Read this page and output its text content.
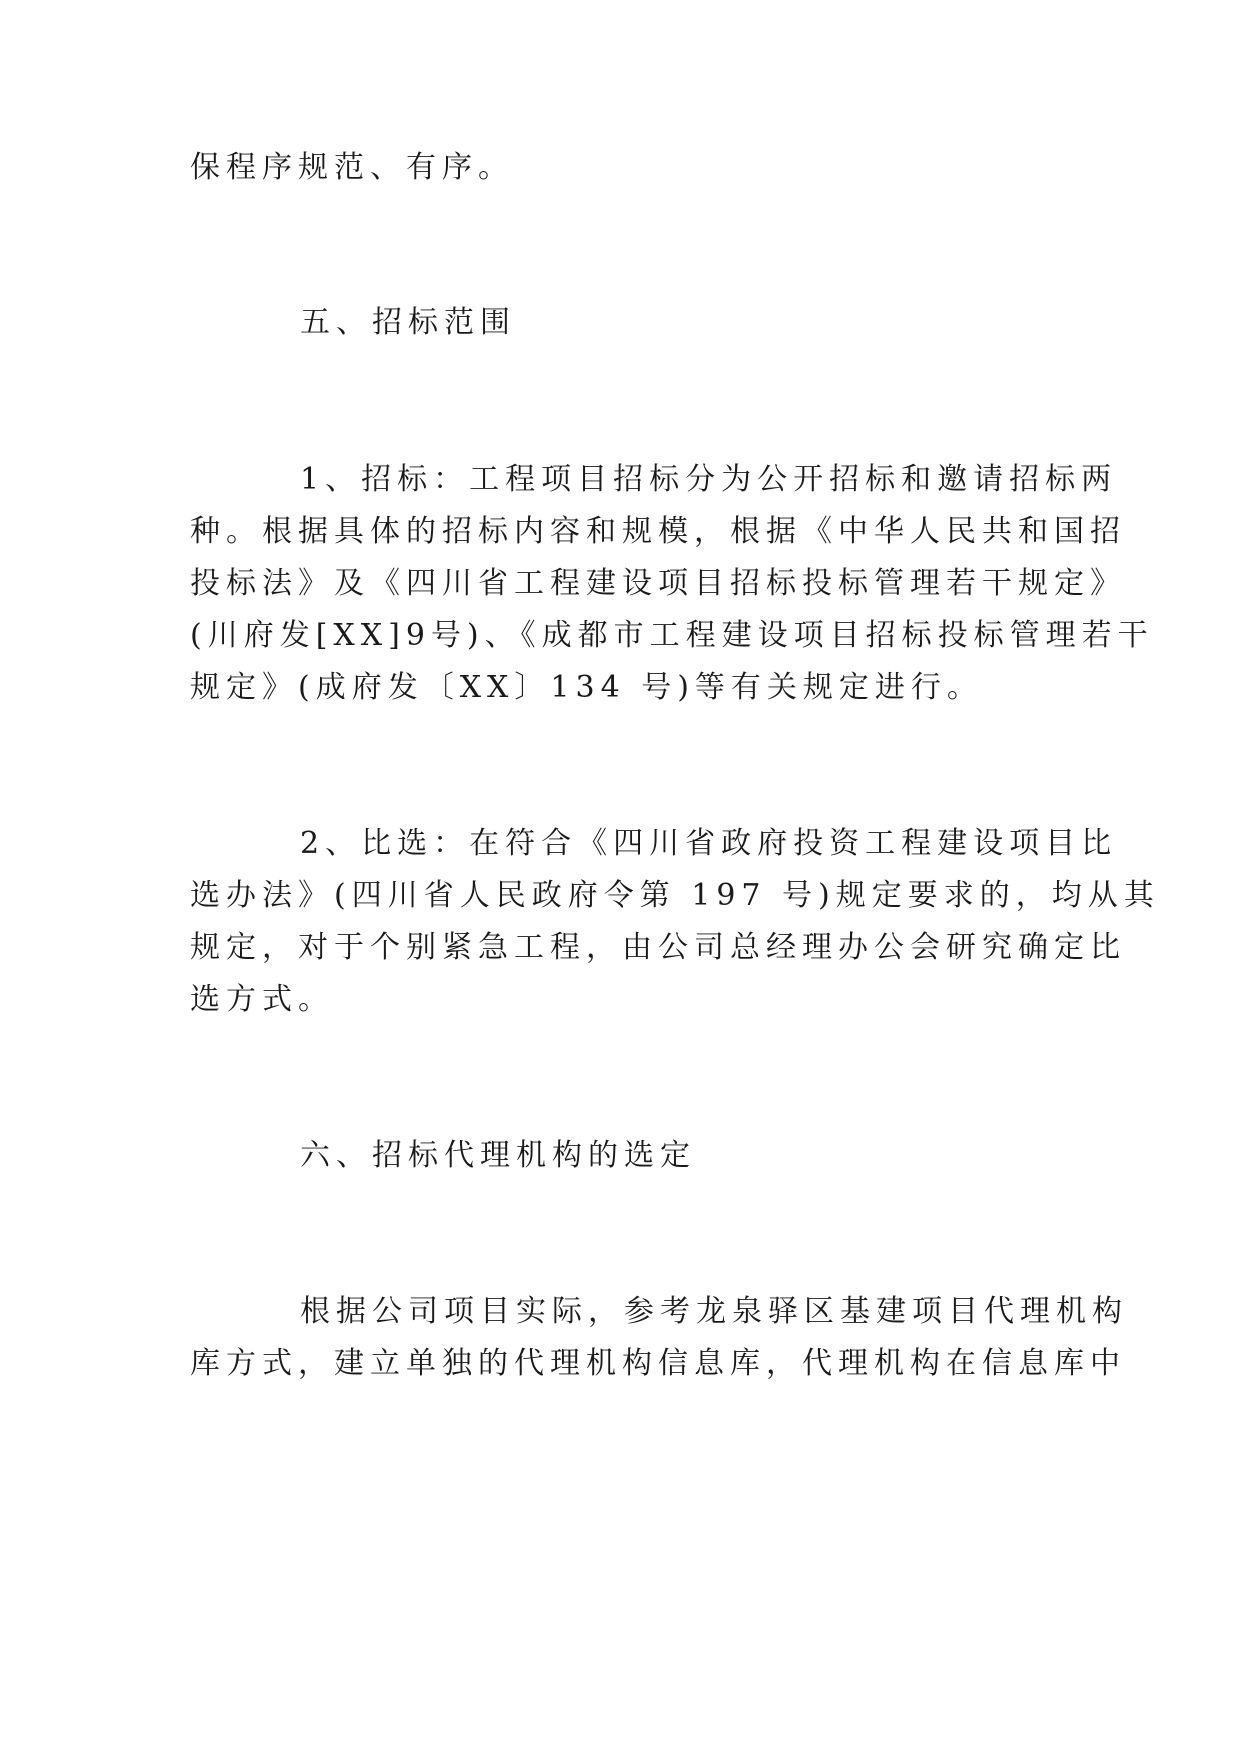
保程序规范、有序。

五、招标范围

1、招标：工程项目招标分为公开招标和邀请招标两

种。根据具体的招标内容和规模，根据《中华人民共和国招

投标法》及《四川省工程建设项目招标投标管理若干规定》

(川府发[XX]9号)、《成都市工程建设项目招标投标管理若干

规定》(成府发〔XX〕134 号)等有关规定进行。

2、比选：在符合《四川省政府投资工程建设项目比

选办法》(四川省人民政府令第 197 号)规定要求的，均从其

规定，对于个别紧急工程，由公司总经理办公会研究确定比

选方式。

六、招标代理机构的选定

根据公司项目实际，参考龙泉驿区基建项目代理机构

库方式，建立单独的代理机构信息库，代理机构在信息库中
